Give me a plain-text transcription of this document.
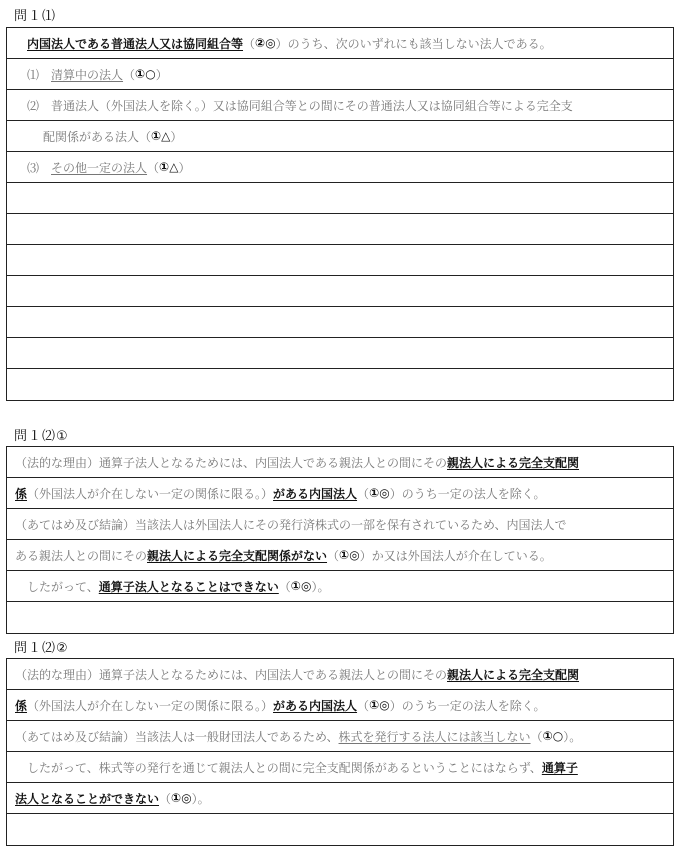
問１⑴
内国法人である普通法人又は協同組合等 （ ②◎ ）のうち、次のいずれにも該当しない法人である。
⑴　 清算中の法人 （ ①○ ）
⑵　普通法人（外国法人を除く。）又は協同組合等との間にその普通法人又は協同組合等による完全支
配関係がある法人（ ①△ ）
⑶　 その他一定の法人 （ ①△ ）
問１⑵①
（法的な理由）通算子法人となるためには、内国法人である親法人との間にその 親法人による完全支配関
係 （外国法人が介在しない一定の関係に限る。） がある内国法人 （ ①◎ ）のうち一定の法人を除く。
（あてはめ及び結論）当該法人は外国法人にその発行済株式の一部を保有されているため、内国法人で
ある親法人との間にその 親法人による完全支配関係がない （ ①◎ ）か又は外国法人が介在している。
　したがって、 通算子法人となることはできない （ ①◎ ）。
問１⑵②
（法的な理由）通算子法人となるためには、内国法人である親法人との間にその 親法人による完全支配関
係 （外国法人が介在しない一定の関係に限る。） がある内国法人 （ ①◎ ）のうち一定の法人を除く。
（あてはめ及び結論）当該法人は一般財団法人であるため、 株式を発行する法人には該当しない （ ①○ ）。
　したがって、株式等の発行を通じて親法人との間に完全支配関係があるということにはならず、 通算子
法人となることができない （ ①◎ ）。
